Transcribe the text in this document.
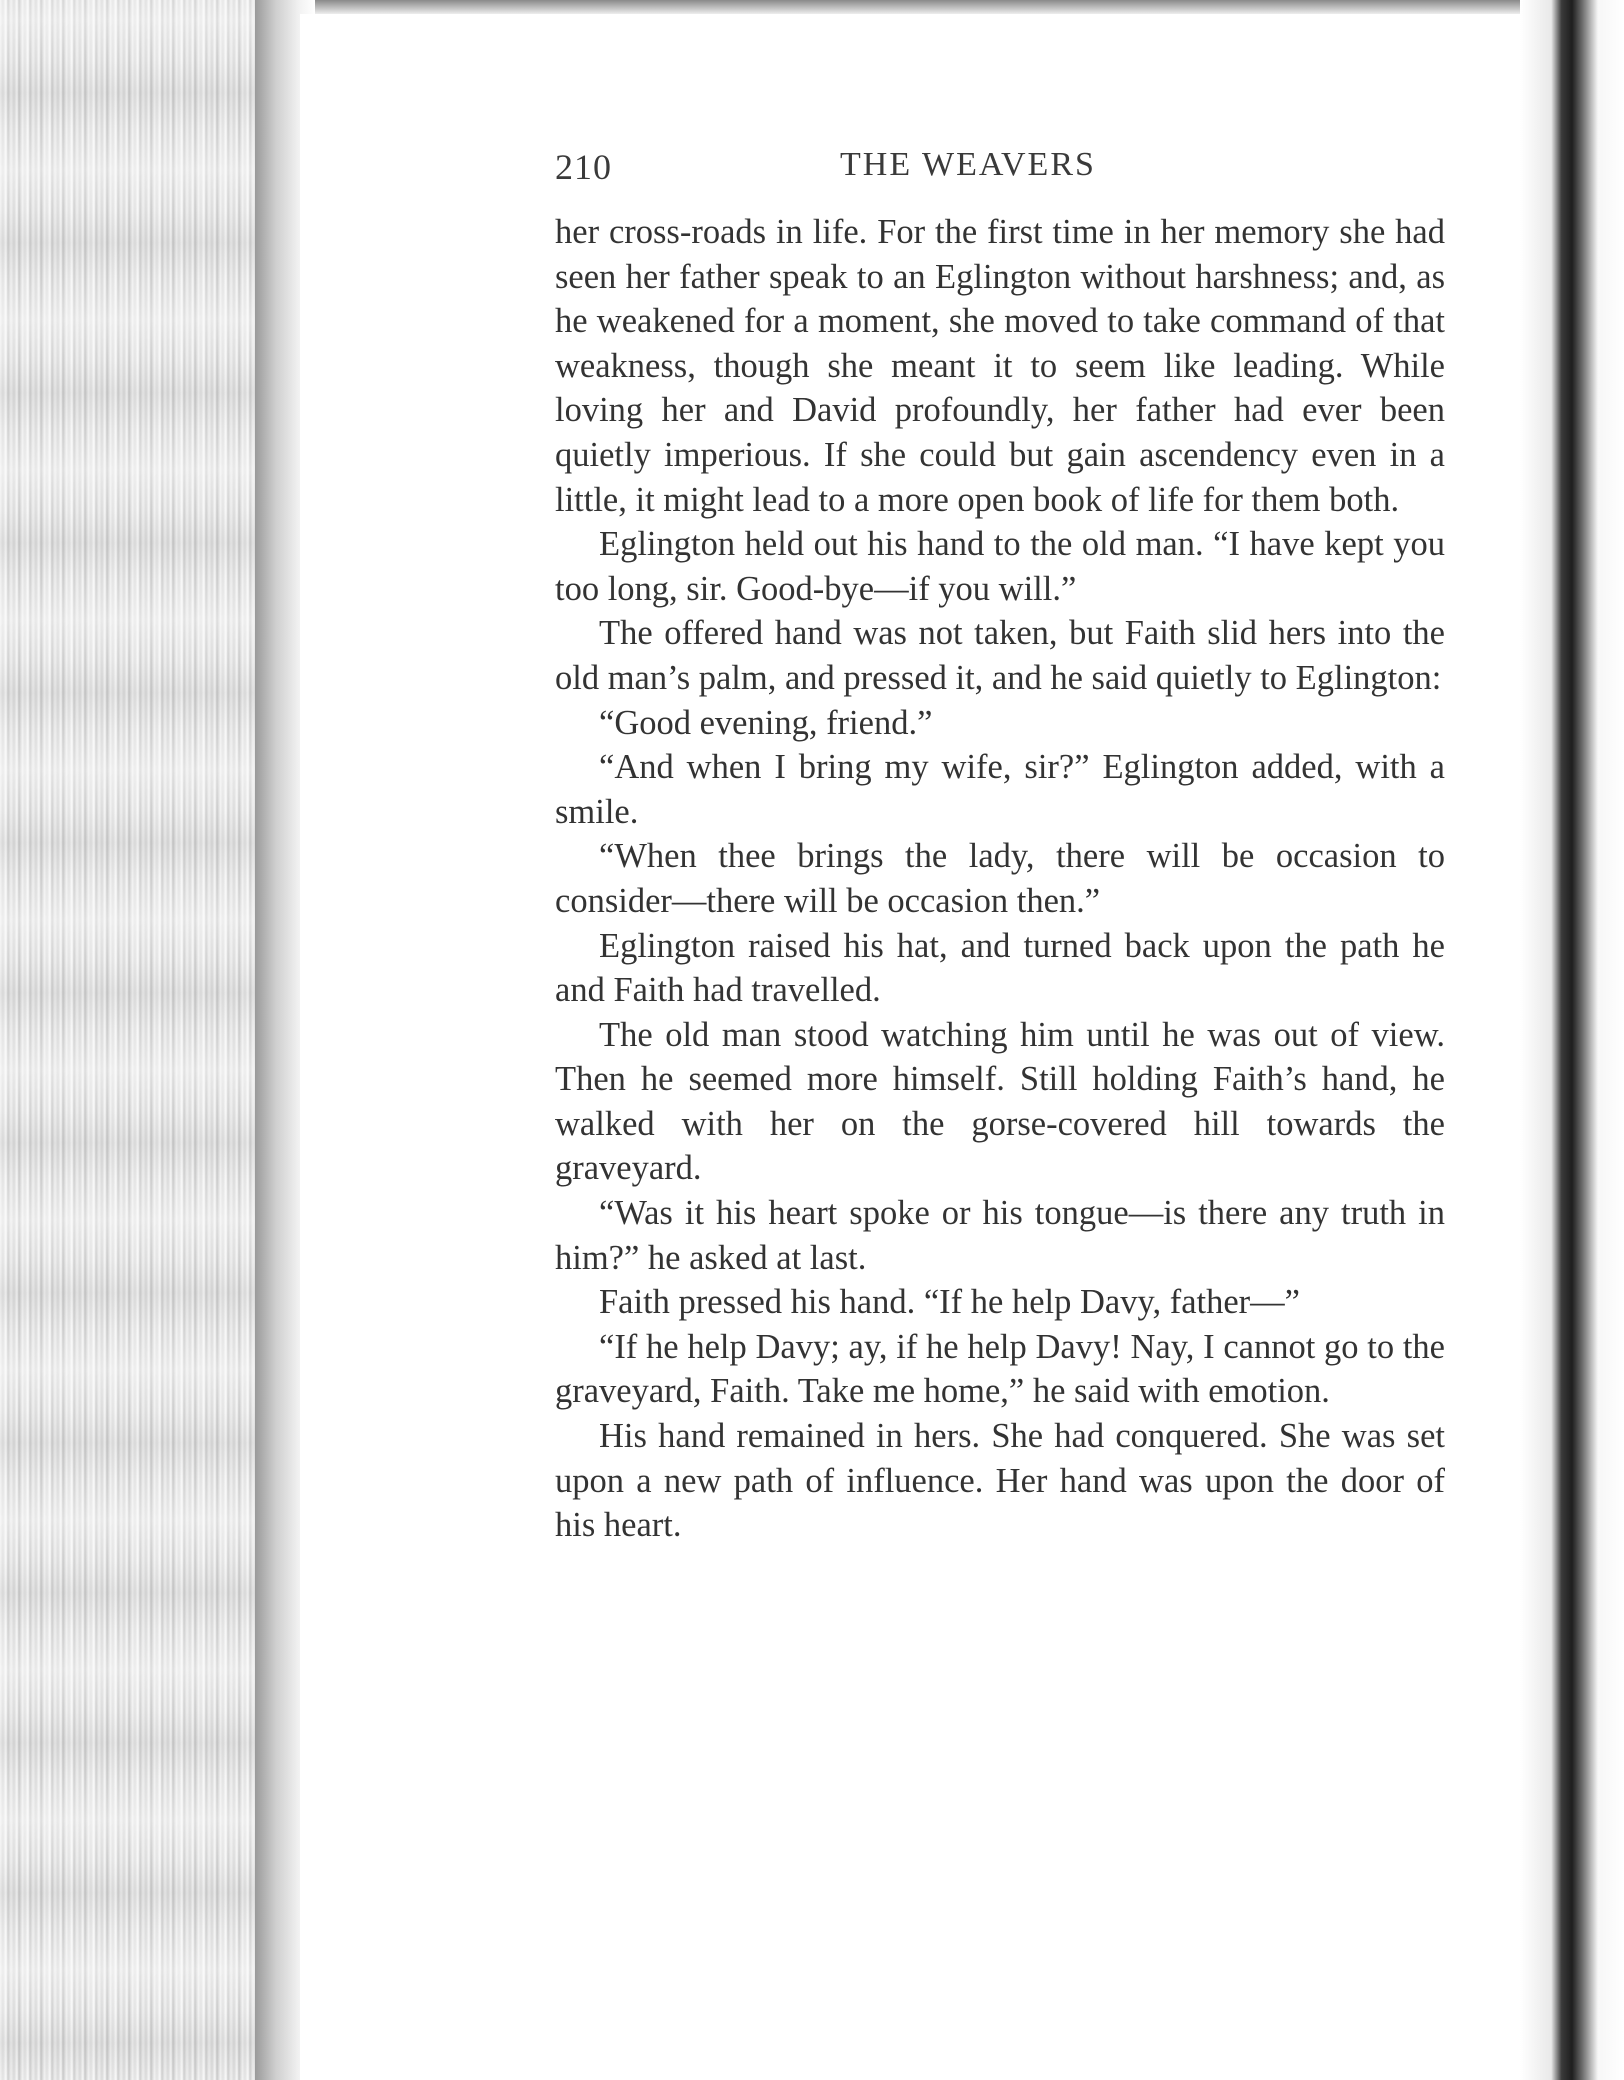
210	THE WEAVERS

her cross-roads in life. For the first time in her memory she had seen her father speak to an Eglington without harshness; and, as he weakened for a moment, she moved to take command of that weakness, though she meant it to seem like leading. While loving her and David profoundly, her father had ever been quietly imperious. If she could but gain ascendency even in a little, it might lead to a more open book of life for them both.

Eglington held out his hand to the old man. “I have kept you too long, sir. Good-bye—if you will.”

The offered hand was not taken, but Faith slid hers into the old man’s palm, and pressed it, and he said quietly to Eglington:

“Good evening, friend.”

“And when I bring my wife, sir?” Eglington added, with a smile.

“When thee brings the lady, there will be occasion to consider—there will be occasion then.”

Eglington raised his hat, and turned back upon the path he and Faith had travelled.

The old man stood watching him until he was out of view. Then he seemed more himself. Still holding Faith’s hand, he walked with her on the gorse-covered hill towards the graveyard.

“Was it his heart spoke or his tongue—is there any truth in him?” he asked at last.

Faith pressed his hand. “If he help Davy, father—”

“If he help Davy; ay, if he help Davy! Nay, I cannot go to the graveyard, Faith. Take me home,” he said with emotion.

His hand remained in hers. She had conquered. She was set upon a new path of influence. Her hand was upon the door of his heart.
